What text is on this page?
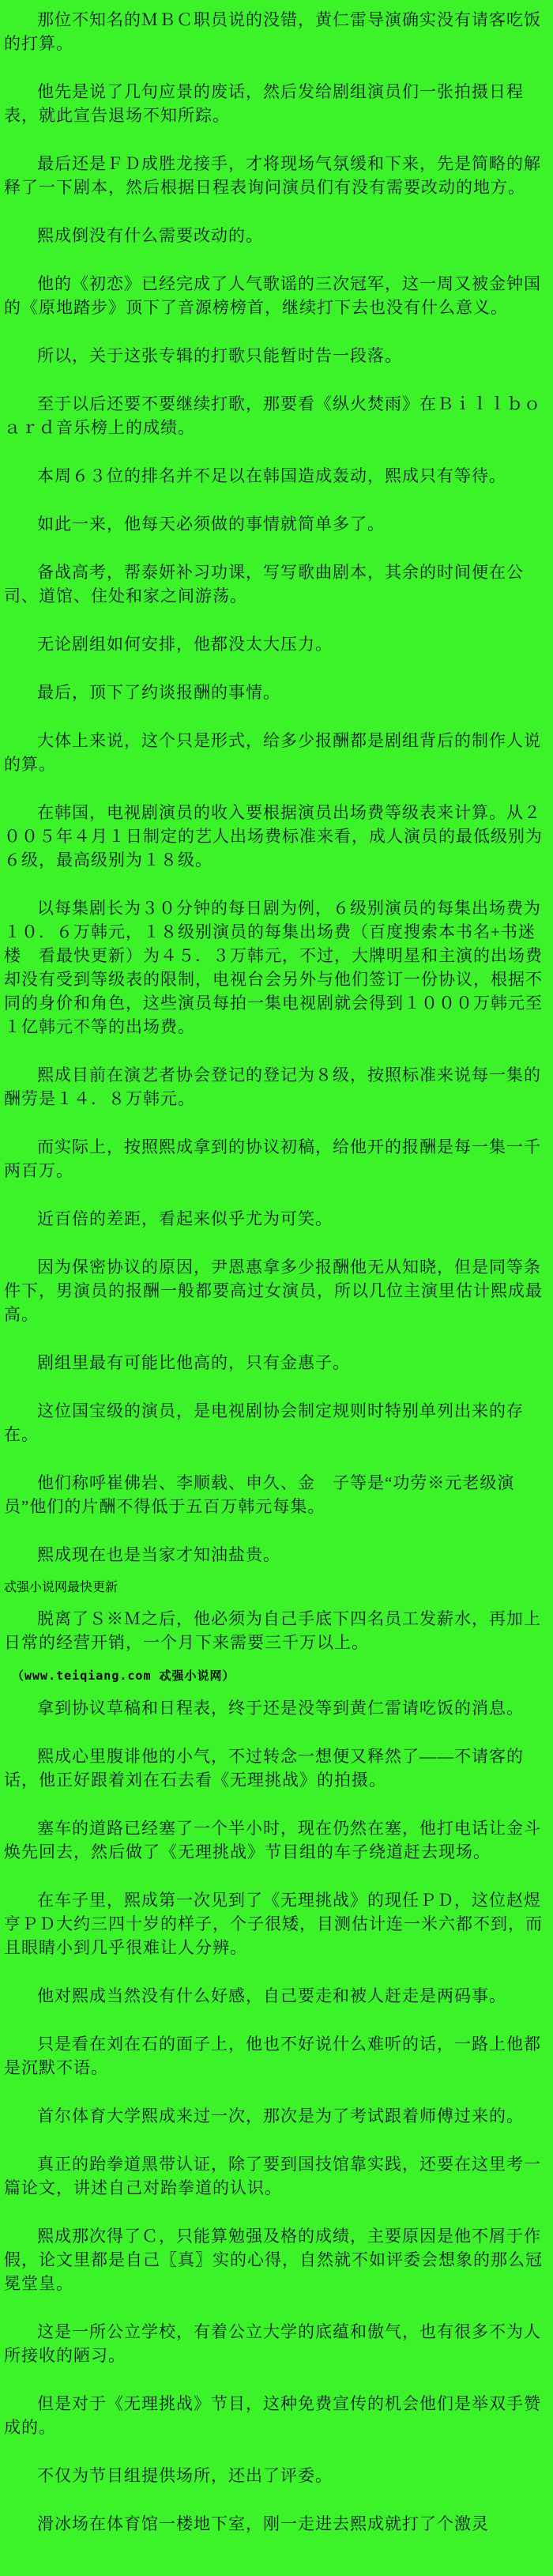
那位不知名的ＭＢＣ职员说的没错，黄仁雷导演确实没有请客吃饭的打算。

他先是说了几句应景的废话，然后发给剧组演员们一张拍摄日程表，就此宣告退场不知所踪。

最后还是ＦＤ成胜龙接手，才将现场气氛缓和下来，先是简略的解释了一下剧本，然后根据日程表询问演员们有没有需要改动的地方。

熙成倒没有什么需要改动的。

他的《初恋》已经完成了人气歌谣的三次冠军，这一周又被金钟国的《原地踏步》顶下了音源榜榜首，继续打下去也没有什么意义。

所以，关于这张专辑的打歌只能暂时告一段落。

至于以后还要不要继续打歌，那要看《纵火焚雨》在Ｂｉｌｌｂｏａｒｄ音乐榜上的成绩。

本周６３位的排名并不足以在韩国造成轰动，熙成只有等待。

如此一来，他每天必须做的事情就简单多了。

备战高考，帮泰妍补习功课，写写歌曲剧本，其余的时间便在公司、道馆、住处和家之间游荡。

无论剧组如何安排，他都没太大压力。

最后，顶下了约谈报酬的事情。

大体上来说，这个只是形式，给多少报酬都是剧组背后的制作人说的算。

在韩国，电视剧演员的收入要根据演员出场费等级表来计算。从２００５年４月１日制定的艺人出场费标准来看，成人演员的最低级别为６级，最高级别为１８级。

以每集剧长为３０分钟的每日剧为例，６级别演员的每集出场费为１０．６万韩元，１８级别演员的每集出场费（百度搜索本书名+书迷楼　看最快更新）为４５．３万韩元，不过，大牌明星和主演的出场费却没有受到等级表的限制，电视台会另外与他们签订一份协议，根据不同的身价和角色，这些演员每拍一集电视剧就会得到１０００万韩元至１亿韩元不等的出场费。

熙成目前在演艺者协会登记的登记为８级，按照标准来说每一集的酬劳是１４．８万韩元。

而实际上，按照熙成拿到的协议初稿，给他开的报酬是每一集一千两百万。

近百倍的差距，看起来似乎尤为可笑。

因为保密协议的原因，尹恩惠拿多少报酬他无从知晓，但是同等条件下，男演员的报酬一般都要高过女演员，所以几位主演里估计熙成最高。

剧组里最有可能比他高的，只有金惠子。

这位国宝级的演员，是电视剧协会制定规则时特别单列出来的存在。

他们称呼崔佛岩、李顺载、申久、金　子等是“功劳※元老级演员”他们的片酬不得低于五百万韩元每集。

熙成现在也是当家才知油盐贵。

忒强小说网最快更新

脱离了Ｓ※Ｍ之后，他必须为自己手底下四名员工发薪水，再加上日常的经营开销，一个月下来需要三千万以上。

（www.teiqiang.com 忒强小说网）

拿到协议草稿和日程表，终于还是没等到黄仁雷请吃饭的消息。

熙成心里腹诽他的小气，不过转念一想便又释然了——不请客的话，他正好跟着刘在石去看《无理挑战》的拍摄。

塞车的道路已经塞了一个半小时，现在仍然在塞，他打电话让金斗焕先回去，然后做了《无理挑战》节目组的车子绕道赶去现场。

在车子里，熙成第一次见到了《无理挑战》的现任ＰＤ，这位赵煜亨ＰＤ大约三四十岁的样子，个子很矮，目测估计连一米六都不到，而且眼睛小到几乎很难让人分辨。

他对熙成当然没有什么好感，自己要走和被人赶走是两码事。

只是看在刘在石的面子上，他也不好说什么难听的话，一路上他都是沉默不语。

首尔体育大学熙成来过一次，那次是为了考试跟着师傅过来的。

真正的跆拳道黑带认证，除了要到国技馆靠实践，还要在这里考一篇论文，讲述自己对跆拳道的认识。

熙成那次得了Ｃ，只能算勉强及格的成绩，主要原因是他不屑于作假，论文里都是自己〖真〗实的心得，自然就不如评委会想象的那么冠冕堂皇。

这是一所公立学校，有着公立大学的底蕴和傲气，也有很多不为人所接收的陋习。

但是对于《无理挑战》节目，这种免费宣传的机会他们是举双手赞成的。

不仅为节目组提供场所，还出了评委。

滑冰场在体育馆一楼地下室，刚一走进去熙成就打了个激灵
